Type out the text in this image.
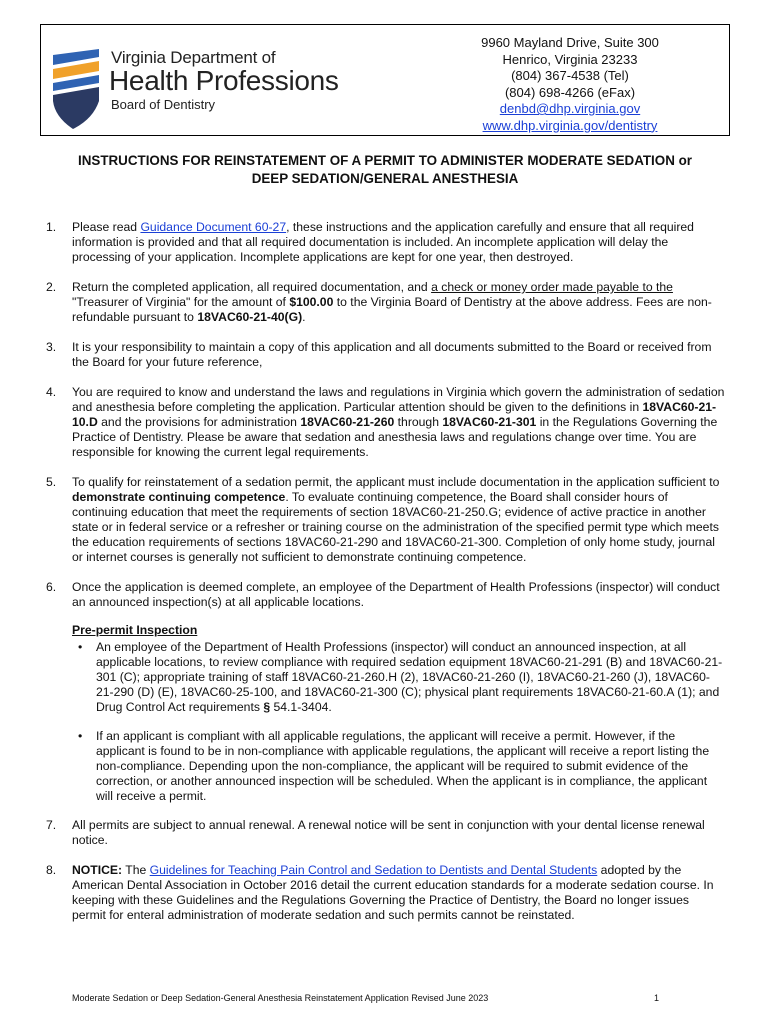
Virginia Department of
Health Professions
Board of Dentistry
9960 Mayland Drive, Suite 300
Henrico, Virginia 23233
(804) 367-4538 (Tel)
(804) 698-4266 (eFax)
denbd@dhp.virginia.gov
www.dhp.virginia.gov/dentistry
INSTRUCTIONS FOR REINSTATEMENT OF A PERMIT TO ADMINISTER MODERATE SEDATION or
DEEP SEDATION/GENERAL ANESTHESIA
1. Please read Guidance Document 60-27, these instructions and the application carefully and ensure that all required information is provided and that all required documentation is included. An incomplete application will delay the processing of your application. Incomplete applications are kept for one year, then destroyed.
2. Return the completed application, all required documentation, and a check or money order made payable to the "Treasurer of Virginia" for the amount of $100.00 to the Virginia Board of Dentistry at the above address. Fees are non-refundable pursuant to 18VAC60-21-40(G).
3. It is your responsibility to maintain a copy of this application and all documents submitted to the Board or received from the Board for your future reference,
4. You are required to know and understand the laws and regulations in Virginia which govern the administration of sedation and anesthesia before completing the application. Particular attention should be given to the definitions in 18VAC60-21-10.D and the provisions for administration 18VAC60-21-260 through 18VAC60-21-301 in the Regulations Governing the Practice of Dentistry. Please be aware that sedation and anesthesia laws and regulations change over time. You are responsible for knowing the current legal requirements.
5. To qualify for reinstatement of a sedation permit, the applicant must include documentation in the application sufficient to demonstrate continuing competence. To evaluate continuing competence, the Board shall consider hours of continuing education that meet the requirements of section 18VAC60-21-250.G; evidence of active practice in another state or in federal service or a refresher or training course on the administration of the specified permit type which meets the education requirements of sections 18VAC60-21-290 and 18VAC60-21-300. Completion of only home study, journal or internet courses is generally not sufficient to demonstrate continuing competence.
6. Once the application is deemed complete, an employee of the Department of Health Professions (inspector) will conduct an announced inspection(s) at all applicable locations.
Pre-permit Inspection
• An employee of the Department of Health Professions (inspector) will conduct an announced inspection, at all applicable locations, to review compliance with required sedation equipment 18VAC60-21-291 (B) and 18VAC60-21-301 (C); appropriate training of staff 18VAC60-21-260.H (2), 18VAC60-21-260 (I), 18VAC60-21-260 (J), 18VAC60-21-290 (D) (E), 18VAC60-25-100, and 18VAC60-21-300 (C); physical plant requirements 18VAC60-21-60.A (1); and Drug Control Act requirements § 54.1-3404.
• If an applicant is compliant with all applicable regulations, the applicant will receive a permit. However, if the applicant is found to be in non-compliance with applicable regulations, the applicant will receive a report listing the non-compliance. Depending upon the non-compliance, the applicant will be required to submit evidence of the correction, or another announced inspection will be scheduled. When the applicant is in compliance, the applicant will receive a permit.
7. All permits are subject to annual renewal. A renewal notice will be sent in conjunction with your dental license renewal notice.
8. NOTICE: The Guidelines for Teaching Pain Control and Sedation to Dentists and Dental Students adopted by the American Dental Association in October 2016 detail the current education standards for a moderate sedation course. In keeping with these Guidelines and the Regulations Governing the Practice of Dentistry, the Board no longer issues permit for enteral administration of moderate sedation and such permits cannot be reinstated.
Moderate Sedation or Deep Sedation-General Anesthesia Reinstatement Application Revised June 2023	1
